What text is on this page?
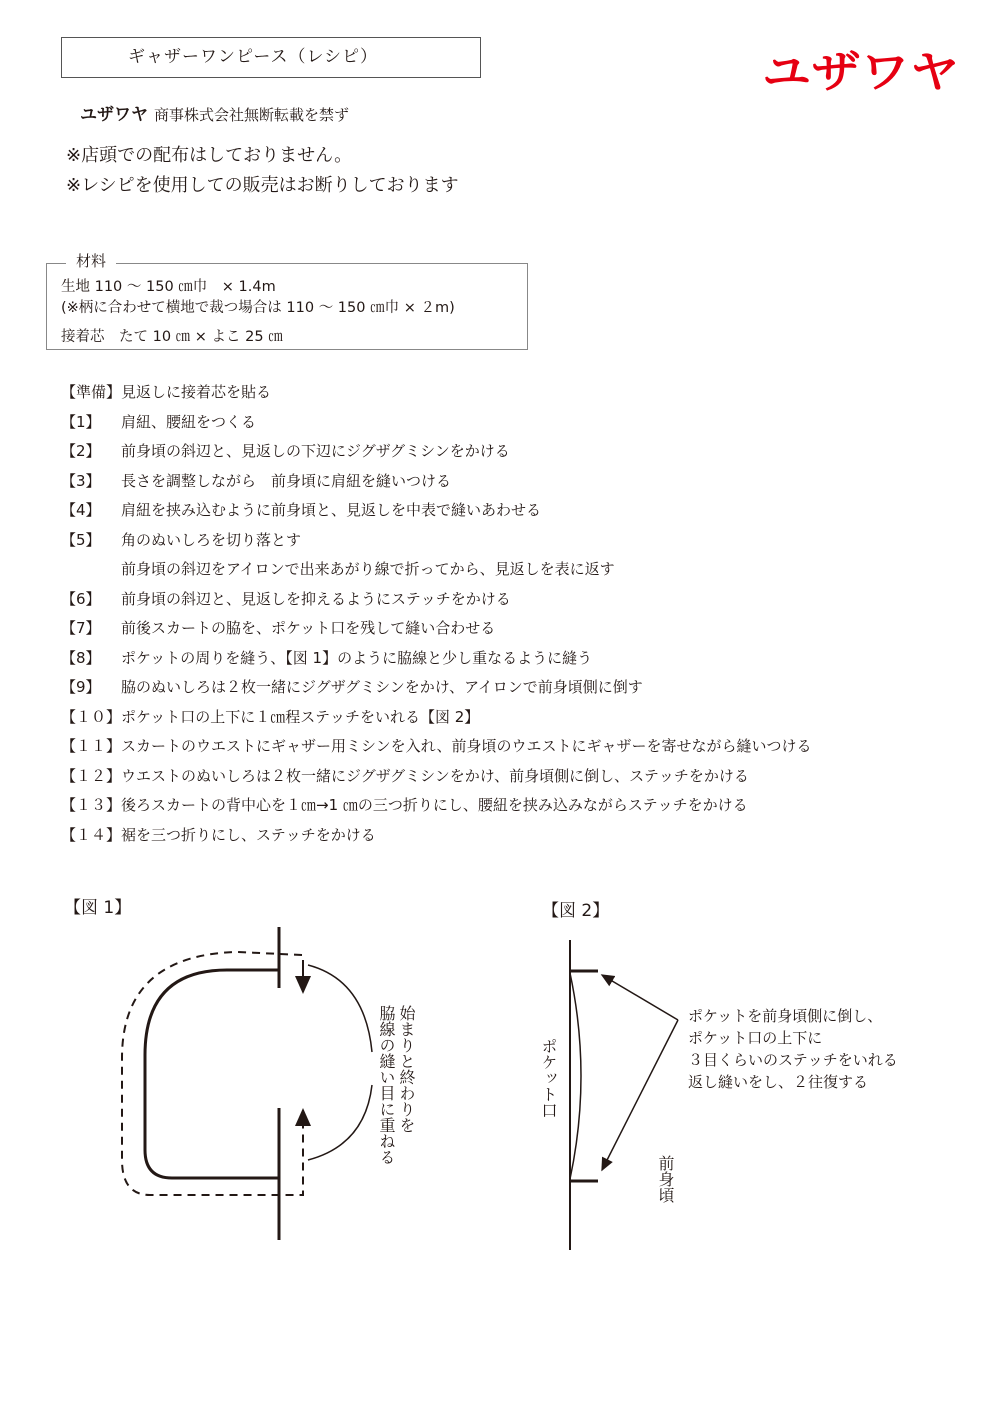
ギャザーワンピース（レシピ）	ユザワヤ
ユザワヤ 商事株式会社無断転載を禁ず
※店頭での配布はしておりません。
※レシピを使用しての販売はお断りしております
材料
生地 110 ～ 150 ㎝巾　× 1.4m
(※柄に合わせて横地で裁つ場合は 110 ～ 150 ㎝巾 × ２m)
接着芯　たて 10 ㎝ × よこ 25 ㎝
【準備】 見返しに接着芯を貼る
【1】	肩紐、腰紐をつくる
【2】	前身頃の斜辺と、見返しの下辺にジグザグミシンをかける
【3】	長さを調整しながら　前身頃に肩紐を縫いつける
【4】	肩紐を挟み込むように前身頃と、見返しを中表で縫いあわせる
【5】	角のぬいしろを切り落とす
前身頃の斜辺をアイロンで出来あがり線で折ってから、見返しを表に返す
【6】	前身頃の斜辺と、見返しを抑えるようにステッチをかける
【7】	前後スカートの脇を、ポケット口を残して縫い合わせる
【8】	ポケットの周りを縫う、【図 1】のように脇線と少し重なるように縫う
【9】	脇のぬいしろは２枚一緒にジグザグミシンをかけ、アイロンで前身頃側に倒す
【１０】 ポケット口の上下に１㎝程ステッチをいれる【図 2】
【１１】 スカートのウエストにギャザー用ミシンを入れ、前身頃のウエストにギャザーを寄せながら縫いつける
【１２】 ウエストのぬいしろは２枚一緒にジグザグミシンをかけ、前身頃側に倒し、ステッチをかける
【１３】 後ろスカートの背中心を１㎝→1 ㎝の三つ折りにし、腰紐を挟み込みながらステッチをかける
【１４】 裾を三つ折りにし、ステッチをかける
【図 1】	【図 2】
始まりと終わりを
脇線の縫い目に重ねる	ポケット口
前身頃
ポケットを前身頃側に倒し、
ポケット口の上下に
３目くらいのステッチをいれる
返し縫いをし、２往復する
